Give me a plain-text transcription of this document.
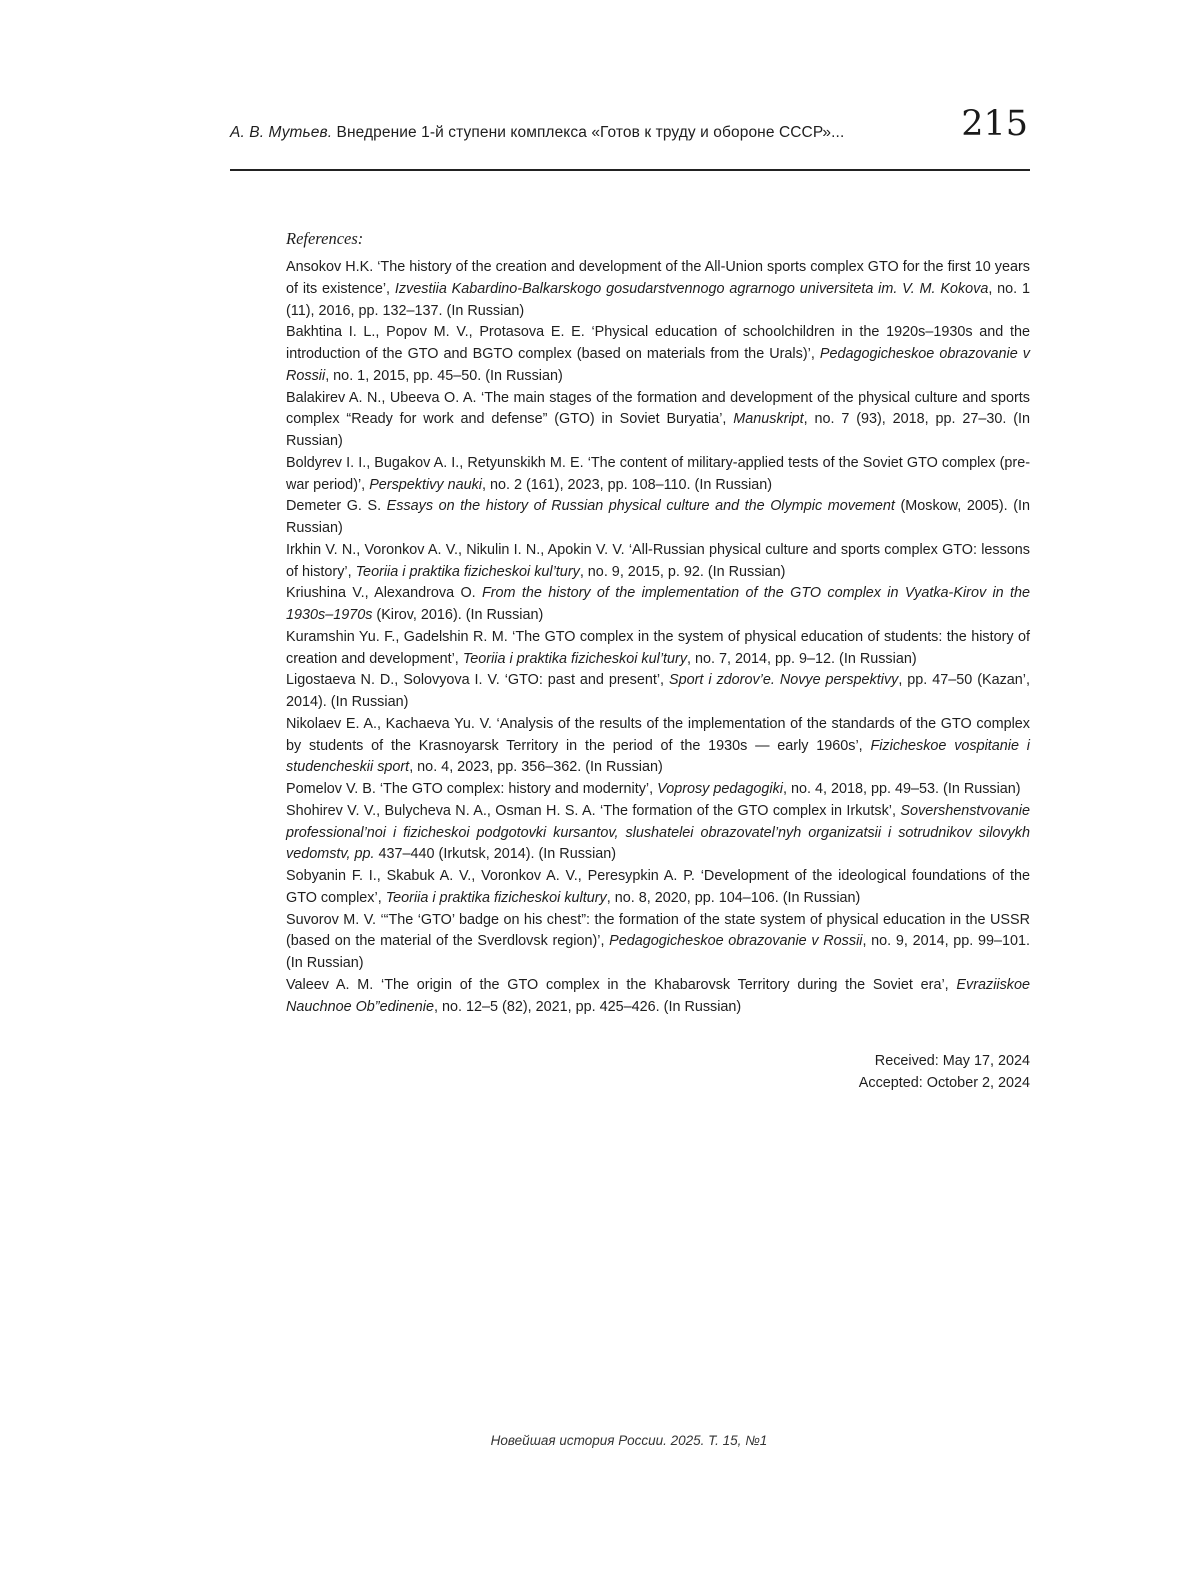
А. В. Мутьев. Внедрение 1-й ступени комплекса «Готов к труду и обороне СССР»...	215
References:

Ansokov H.K. ‘The history of the creation and development of the All-Union sports complex GTO for the first 10 years of its existence’, Izvestiia Kabardino-Balkarskogo gosudarstvennogo agrarnogo universiteta im. V. M. Kokova, no. 1 (11), 2016, pp. 132–137. (In Russian)

Bakhtina I. L., Popov M. V., Protasova E. E. ‘Physical education of schoolchildren in the 1920s–1930s and the introduction of the GTO and BGTO complex (based on materials from the Urals)’, Pedagogicheskoe obrazovanie v Rossii, no. 1, 2015, pp. 45–50. (In Russian)

Balakirev A. N., Ubeeva O. A. ‘The main stages of the formation and development of the physical culture and sports complex “Ready for work and defense” (GTO) in Soviet Buryatia’, Manuskript, no. 7 (93), 2018, pp. 27–30. (In Russian)

Boldyrev I. I., Bugakov A. I., Retyunskikh M. E. ‘The content of military-applied tests of the Soviet GTO complex (pre-war period)’, Perspektivy nauki, no. 2 (161), 2023, pp. 108–110. (In Russian)

Demeter G. S. Essays on the history of Russian physical culture and the Olympic movement (Moskow, 2005). (In Russian)

Irkhin V. N., Voronkov A. V., Nikulin I. N., Apokin V. V. ‘All-Russian physical culture and sports complex GTO: lessons of history’, Teoriia i praktika fizicheskoi kul’tury, no. 9, 2015, p. 92. (In Russian)

Kriushina V., Alexandrova O. From the history of the implementation of the GTO complex in Vyatka-Kirov in the 1930s–1970s (Kirov, 2016). (In Russian)

Kuramshin Yu. F., Gadelshin R. M. ‘The GTO complex in the system of physical education of students: the history of creation and development’, Teoriia i praktika fizicheskoi kul’tury, no. 7, 2014, pp. 9–12. (In Russian)

Ligostaeva N. D., Solovyova I. V. ‘GTO: past and present’, Sport i zdorov’e. Novye perspektivy, pp. 47–50 (Kazan’, 2014). (In Russian)

Nikolaev E. A., Kachaeva Yu. V. ‘Analysis of the results of the implementation of the standards of the GTO complex by students of the Krasnoyarsk Territory in the period of the 1930s — early 1960s’, Fizicheskoe vospitanie i studencheskii sport, no. 4, 2023, pp. 356–362. (In Russian)

Pomelov V. B. ‘The GTO complex: history and modernity’, Voprosy pedagogiki, no. 4, 2018, pp. 49–53. (In Russian)

Shohirev V. V., Bulycheva N. A., Osman H. S. A. ‘The formation of the GTO complex in Irkutsk’, Sovershenstvovanie professional’noi i fizicheskoi podgotovki kursantov, slushatelei obrazovatel’nyh organizatsii i sotrudnikov silovykh vedomstv, pp. 437–440 (Irkutsk, 2014). (In Russian)

Sobyanin F. I., Skabuk A. V., Voronkov A. V., Peresypkin A. P. ‘Development of the ideological foundations of the GTO complex’, Teoriia i praktika fizicheskoi kultury, no. 8, 2020, pp. 104–106. (In Russian)

Suvorov M. V. ‘“The ‘GTO’ badge on his chest”: the formation of the state system of physical education in the USSR (based on the material of the Sverdlovsk region)’, Pedagogicheskoe obrazovanie v Rossii, no. 9, 2014, pp. 99–101. (In Russian)

Valeev A. M. ‘The origin of the GTO complex in the Khabarovsk Territory during the Soviet era’, Evraziiskoe Nauchnoe Ob”edinenie, no. 12–5 (82), 2021, pp. 425–426. (In Russian)

Received: May 17, 2024
Accepted: October 2, 2024
Новейшая история России. 2025. Т. 15, №1
